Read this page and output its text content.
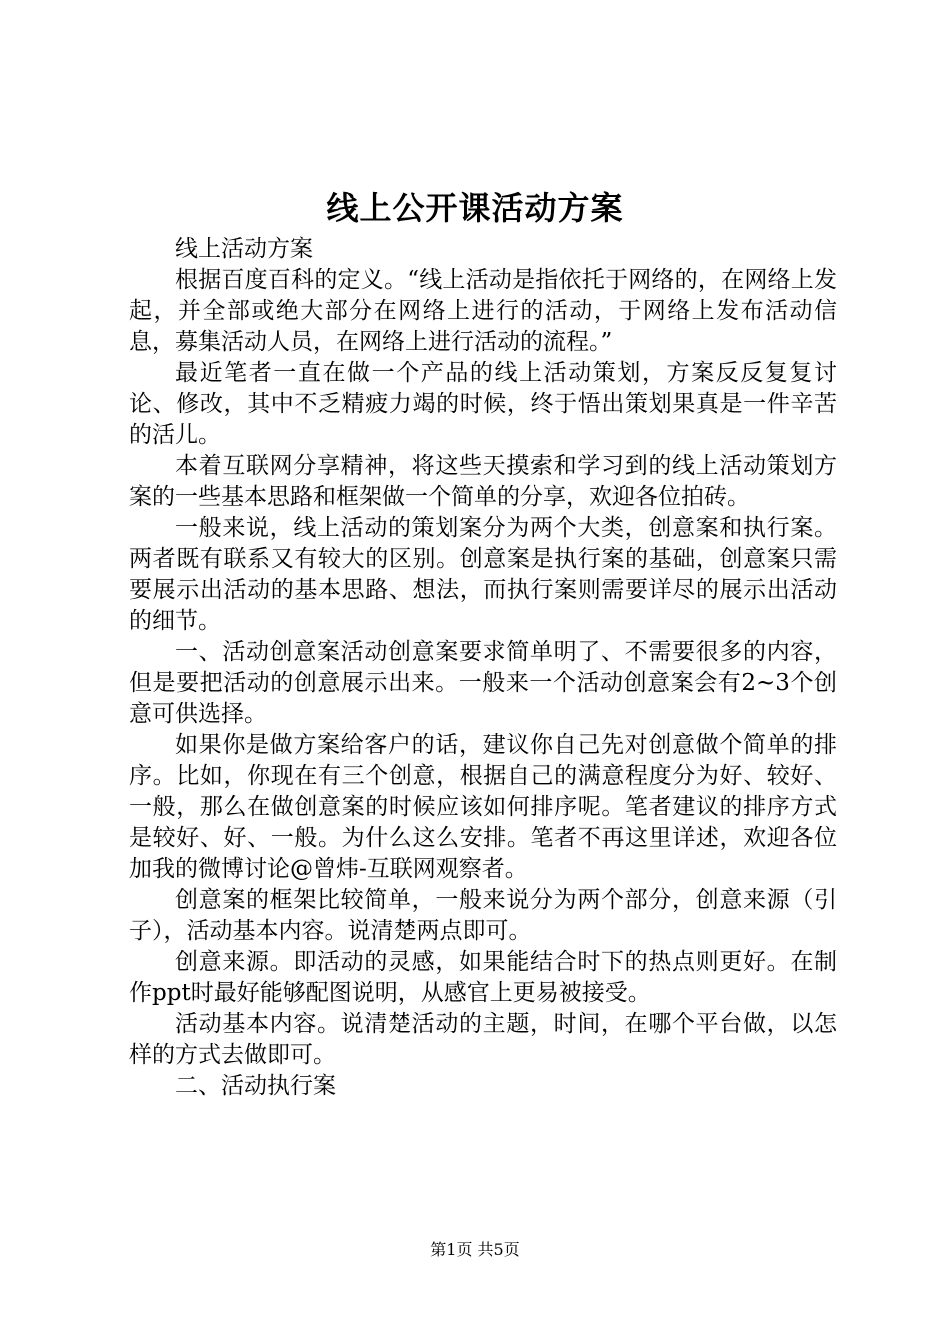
线上公开课活动方案

线上活动方案

根据百度百科的定义。“线上活动是指依托于网络的，在网络上发起，并全部或绝大部分在网络上进行的活动，于网络上发布活动信息，募集活动人员，在网络上进行活动的流程。”

最近笔者一直在做一个产品的线上活动策划，方案反反复复讨论、修改，其中不乏精疲力竭的时候，终于悟出策划果真是一件辛苦的活儿。

本着互联网分享精神，将这些天摸索和学习到的线上活动策划方案的一些基本思路和框架做一个简单的分享，欢迎各位拍砖。

一般来说，线上活动的策划案分为两个大类，创意案和执行案。两者既有联系又有较大的区别。创意案是执行案的基础，创意案只需要展示出活动的基本思路、想法，而执行案则需要详尽的展示出活动的细节。

一、活动创意案活动创意案要求简单明了、不需要很多的内容，但是要把活动的创意展示出来。一般来一个活动创意案会有2~3个创意可供选择。

如果你是做方案给客户的话，建议你自己先对创意做个简单的排序。比如，你现在有三个创意，根据自己的满意程度分为好、较好、一般，那么在做创意案的时候应该如何排序呢。笔者建议的排序方式是较好、好、一般。为什么这么安排。笔者不再这里详述，欢迎各位加我的微博讨论@曾炜-互联网观察者。

创意案的框架比较简单，一般来说分为两个部分，创意来源（引子），活动基本内容。说清楚两点即可。

创意来源。即活动的灵感，如果能结合时下的热点则更好。在制作ppt时最好能够配图说明，从感官上更易被接受。

活动基本内容。说清楚活动的主题，时间，在哪个平台做，以怎样的方式去做即可。

二、活动执行案

第1页 共5页
